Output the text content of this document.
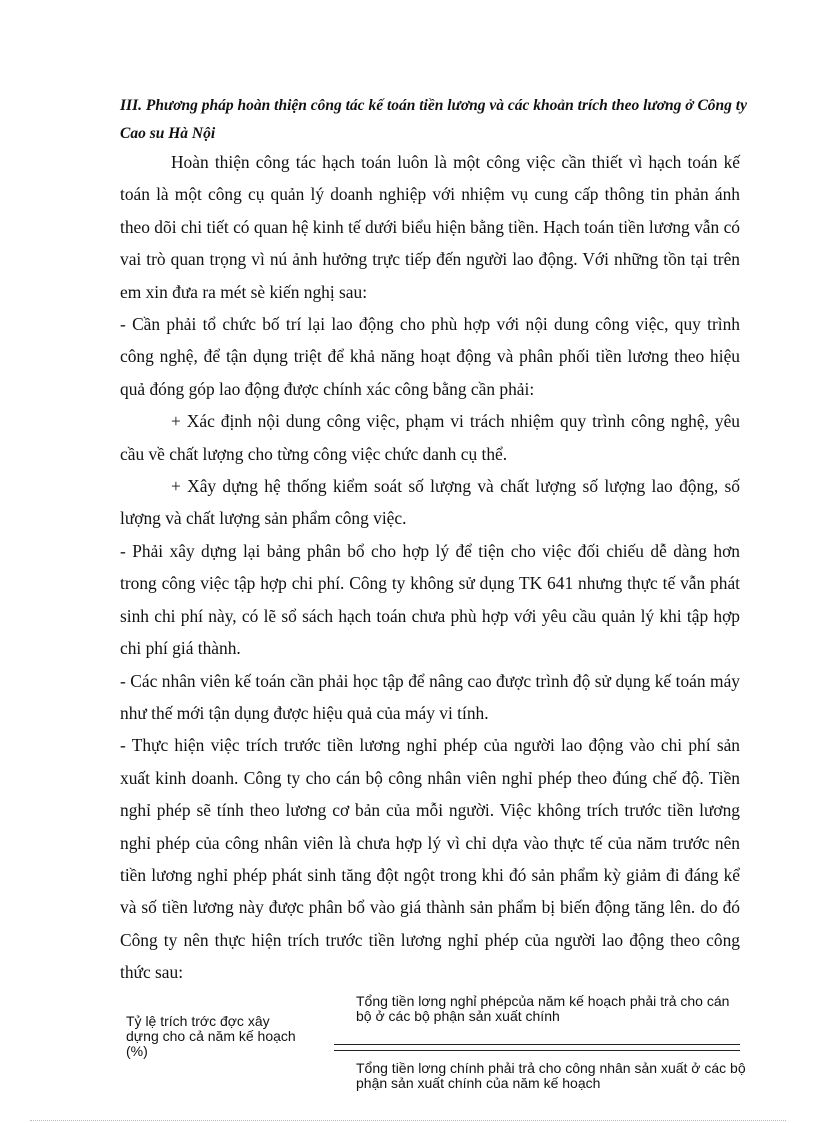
III. Phương pháp hoàn thiện công tác kế toán tiền lương và các khoản trích theo lương ở Công ty Cao su Hà Nội

Hoàn thiện công tác hạch toán luôn là một công việc cần thiết vì hạch toán kế toán là một công cụ quản lý doanh nghiệp với nhiệm vụ cung cấp thông tin phản ánh theo dõi chi tiết có quan hệ kinh tế dưới biểu hiện bằng tiền. Hạch toán tiền lương vẫn có vai trò quan trọng vì nú ảnh hưởng trực tiếp đến người lao động. Với những tồn tại trên em xin đưa ra mét sè kiến nghị sau:

- Cần phải tổ chức bố trí lại lao động cho phù hợp với nội dung công việc, quy trình công nghệ, để tận dụng triệt để khả năng hoạt động và phân phối tiền lương theo hiệu quả đóng góp lao động được chính xác công bằng cần phải:

+ Xác định nội dung công việc, phạm vi trách nhiệm quy trình công nghệ, yêu cầu về chất lượng cho từng công việc chức danh cụ thể.

+ Xây dựng hệ thống kiểm soát số lượng và chất lượng số lượng lao động, số lượng và chất lượng sản phẩm công việc.

- Phải xây dựng lại bảng phân bổ cho hợp lý để tiện cho việc đối chiếu dễ dàng hơn trong công việc tập hợp chi phí. Công ty không sử dụng TK 641 nhưng thực tế vẫn phát sinh chi phí này, có lẽ sổ sách hạch toán chưa phù hợp với yêu cầu quản lý khi tập hợp chi phí giá thành.

- Các nhân viên kế toán cần phải học tập để nâng cao được trình độ sử dụng kế toán máy như thế mới tận dụng được hiệu quả của máy vi tính.

- Thực hiện việc trích trước tiền lương nghỉ phép của người lao động vào chi phí sản xuất kinh doanh. Công ty cho cán bộ công nhân viên nghỉ phép theo đúng chế độ. Tiền nghỉ phép sẽ tính theo lương cơ bản của mỗi người. Việc không trích trước tiền lương nghỉ phép của công nhân viên là chưa hợp lý vì chỉ dựa vào thực tế của năm trước nên tiền lương nghỉ phép phát sinh tăng đột ngột trong khi đó sản phẩm kỳ giảm đi đáng kể và số tiền lương này được phân bổ vào giá thành sản phẩm bị biến động tăng lên. do đó Công ty nên thực hiện trích trước tiền lương nghỉ phép của người lao động theo công thức sau:

Tỷ lệ trích trớc đợc xây dựng cho cả năm kế hoạch (%)
Tổng tiền lơng nghỉ phépcủa năm kế hoạch phải trả cho cán bộ ở các bộ phận sản xuất chính
Tổng tiền lơng chính phải trả cho công nhân sản xuất ở các bộ phận sản xuất chính của năm kế hoạch
